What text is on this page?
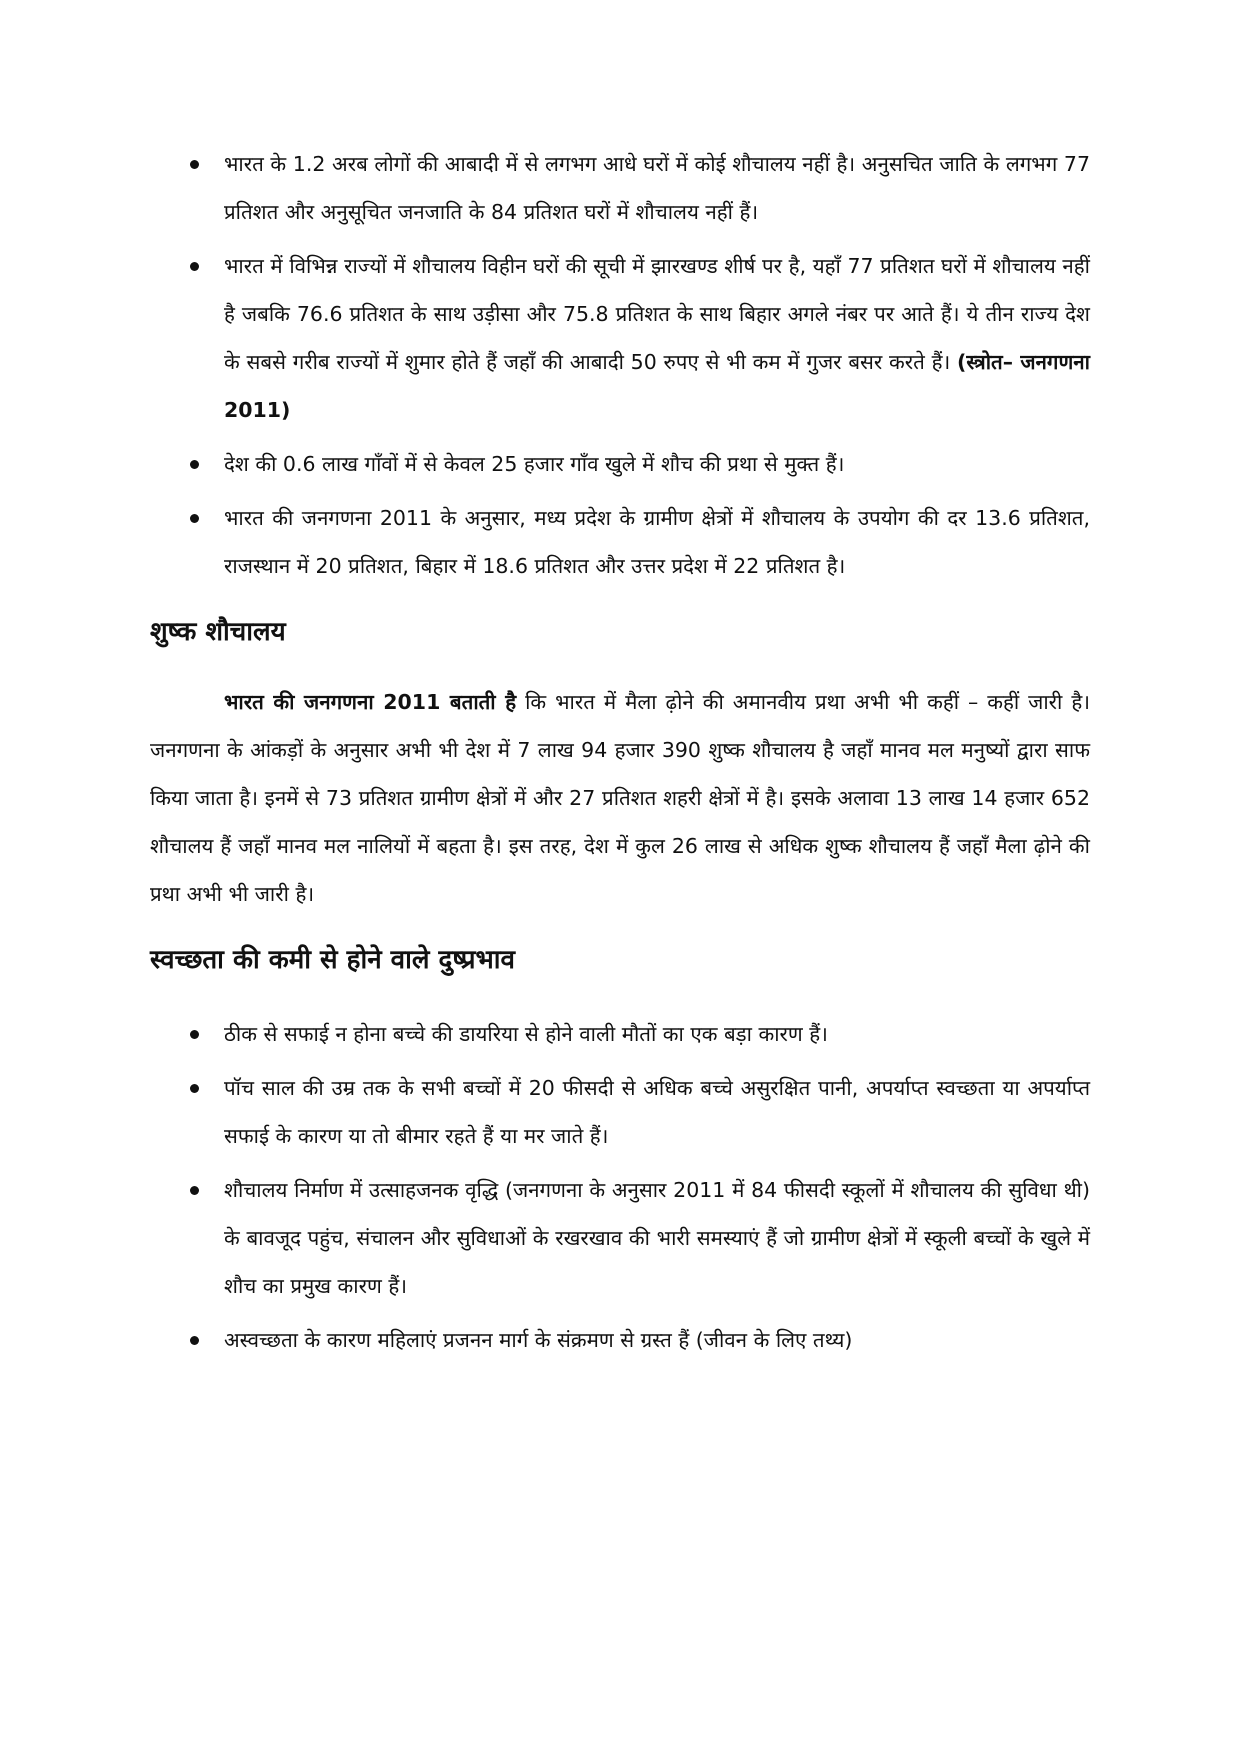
भारत के 1.2 अरब लोगों की आबादी में से लगभग आधे घरों में कोई शौचालय नहीं है। अनुसचित जाति के लगभग 77 प्रतिशत और अनुसूचित जनजाति के 84 प्रतिशत घरों में शौचालय नहीं हैं।
भारत में विभिन्न राज्यों में शौचालय विहीन घरों की सूची में झारखण्ड शीर्ष पर है, यहाँ 77 प्रतिशत घरों में शौचालय नहीं है जबकि 76.6 प्रतिशत के साथ उड़ीसा और 75.8 प्रतिशत के साथ बिहार अगले नंबर पर आते हैं। ये तीन राज्य देश के सबसे गरीब राज्यों में शुमार होते हैं जहाँ की आबादी 50 रुपए से भी कम में गुजर बसर करते हैं। (स्त्रोत– जनगणना 2011)
देश की 0.6 लाख गाँवों में से केवल 25 हजार गाँव खुले में शौच की प्रथा से मुक्त हैं।
भारत की जनगणना 2011 के अनुसार, मध्य प्रदेश के ग्रामीण क्षेत्रों में शौचालय के उपयोग की दर 13.6 प्रतिशत, राजस्थान में 20 प्रतिशत, बिहार में 18.6 प्रतिशत और उत्तर प्रदेश में 22 प्रतिशत है।
शुष्क शौचालय

भारत की जनगणना 2011 बताती है कि भारत में मैला ढ़ोने की अमानवीय प्रथा अभी भी कहीं – कहीं जारी है। जनगणना के आंकड़ों के अनुसार अभी भी देश में 7 लाख 94 हजार 390 शुष्क शौचालय है जहाँ मानव मल मनुष्यों द्वारा साफ किया जाता है। इनमें से 73 प्रतिशत ग्रामीण क्षेत्रों में और 27 प्रतिशत शहरी क्षेत्रों में है। इसके अलावा 13 लाख 14 हजार 652 शौचालय हैं जहाँ मानव मल नालियों में बहता है। इस तरह, देश में कुल 26 लाख से अधिक शुष्क शौचालय हैं जहाँ मैला ढ़ोने की प्रथा अभी भी जारी है।

स्वच्छता की कमी से होने वाले दुष्प्रभाव
ठीक से सफाई न होना बच्चे की डायरिया से होने वाली मौतों का एक बड़ा कारण हैं।
पॉच साल की उम्र तक के सभी बच्चों में 20 फीसदी से अधिक बच्चे असुरक्षित पानी, अपर्याप्त स्वच्छता या अपर्याप्त सफाई के कारण या तो बीमार रहते हैं या मर जाते हैं।
शौचालय निर्माण में उत्साहजनक वृद्धि (जनगणना के अनुसार 2011 में 84 फीसदी स्कूलों में शौचालय की सुविधा थी) के बावजूद पहुंच, संचालन और सुविधाओं के रखरखाव की भारी समस्याएं हैं जो ग्रामीण क्षेत्रों में स्कूली बच्चों के खुले में शौच का प्रमुख कारण हैं।
अस्वच्छता के कारण महिलाएं प्रजनन मार्ग के संक्रमण से ग्रस्त हैं (जीवन के लिए तथ्य)
